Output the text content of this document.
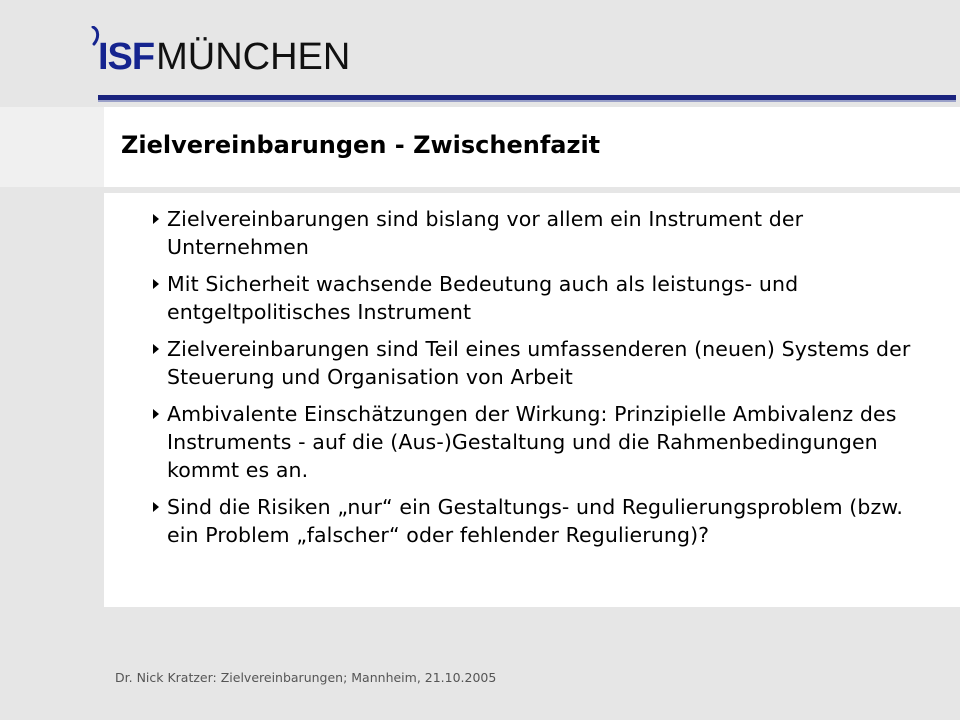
ISF MÜNCHEN
Zielvereinbarungen - Zwischenfazit
Zielvereinbarungen sind bislang vor allem ein Instrument der Unternehmen
Mit Sicherheit wachsende Bedeutung auch als leistungs- und entgeltpolitisches Instrument
Zielvereinbarungen sind Teil eines umfassenderen (neuen) Systems der Steuerung und Organisation von Arbeit
Ambivalente Einschätzungen der Wirkung: Prinzipielle Ambivalenz des Instruments - auf die (Aus-)Gestaltung und die Rahmenbedingungen kommt es an.
Sind die Risiken „nur“ ein Gestaltungs- und Regulierungsproblem (bzw. ein Problem „falscher“ oder fehlender Regulierung)?
Dr. Nick Kratzer: Zielvereinbarungen; Mannheim, 21.10.2005
